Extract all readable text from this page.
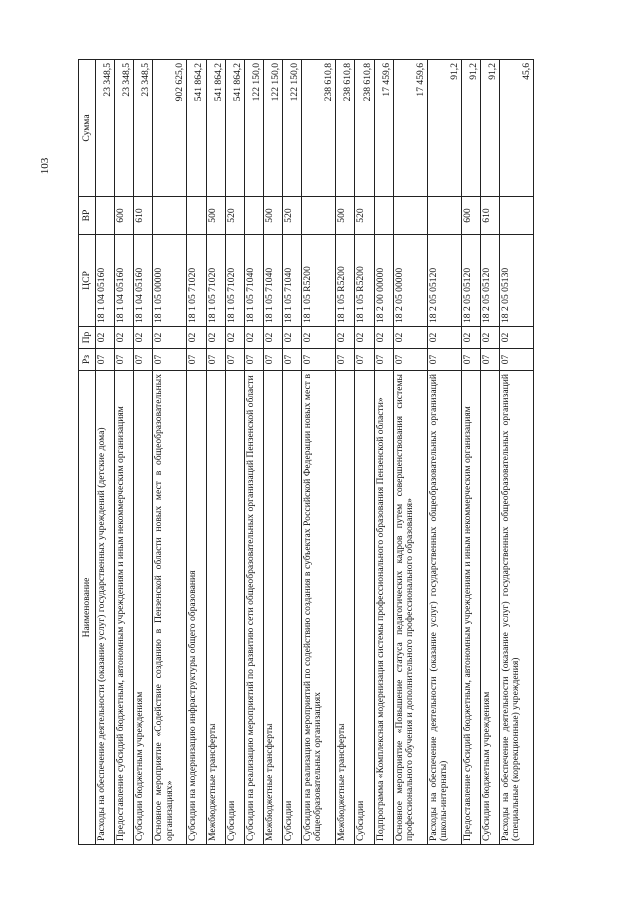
103
Наименование	Рз	Пр	ЦСР	ВР	Сумма
Расходы на обеспечение деятельности (оказание услуг) государственных учреждений (детские дома)	07	02	18 1 04 05160		23 348,5
Предоставление субсидий бюджетным, автономным учреждениям и иным некоммерческим организациям	07	02	18 1 04 05160	600	23 348,5
Субсидии бюджетным учреждениям	07	02	18 1 04 05160	610	23 348,5
Основное мероприятие «Содействие созданию в Пензенской области новых мест в общеобразовательных организациях»	07	02	18 1 05 00000		902 625,0
Субсидии на модернизацию инфраструктуры общего образования	07	02	18 1 05 71020		541 864,2
Межбюджетные трансферты	07	02	18 1 05 71020	500	541 864,2
Субсидии	07	02	18 1 05 71020	520	541 864,2
Субсидии на реализацию мероприятий по развитию сети общеобразовательных организаций Пензенской области	07	02	18 1 05 71040		122 150,0
Межбюджетные трансферты	07	02	18 1 05 71040	500	122 150,0
Субсидии	07	02	18 1 05 71040	520	122 150,0
Субсидии на реализацию мероприятий по содействию создания в субъектах Российской Федерации новых мест в общеобразовательных организациях	07	02	18 1 05 R5200		238 610,8
Межбюджетные трансферты	07	02	18 1 05 R5200	500	238 610,8
Субсидии	07	02	18 1 05 R5200	520	238 610,8
Подпрограмма «Комплексная модернизация системы профессионального образования Пензенской области»	07	02	18 2 00 00000		17 459,6
Основное мероприятие «Повышение статуса педагогических кадров путем совершенствования системы профессионального обучения и дополнительного профессионального образования»	07	02	18 2 05 00000		17 459,6
Расходы на обеспечение деятельности (оказание услуг) государственных общеобразовательных организаций (школы-интернаты)	07	02	18 2 05 05120		91,2
Предоставление субсидий бюджетным, автономным учреждениям и иным некоммерческим организациям	07	02	18 2 05 05120	600	91,2
Субсидии бюджетным учреждениям	07	02	18 2 05 05120	610	91,2
Расходы на обеспечение деятельности (оказание услуг) государственных общеобразовательных организаций (специальные (коррекционные) учреждения)	07	02	18 2 05 05130		45,6
